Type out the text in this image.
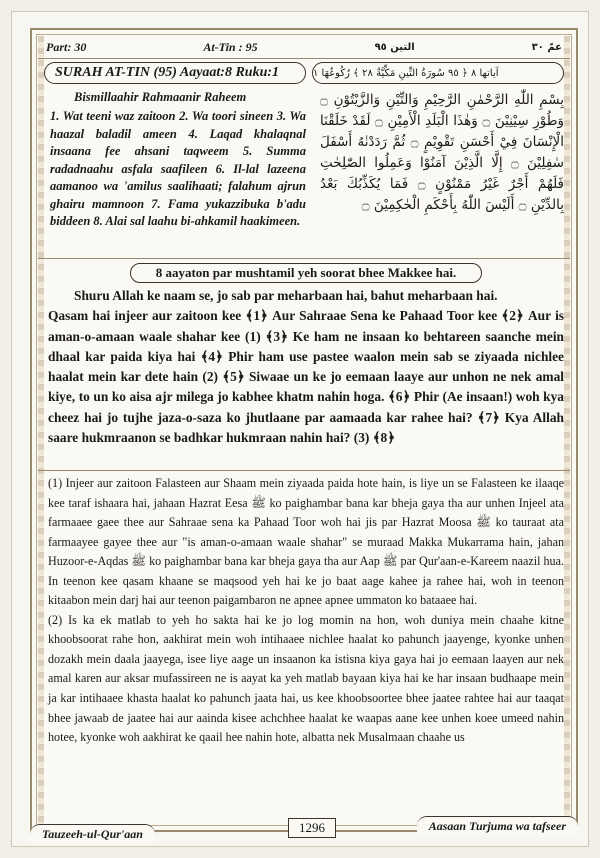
Part: 30	At-Tin : 95	التين ٩٥	عمّ ٣٠
SURAH AT-TIN (95) Aayaat:8 Ruku:1	آياتها ٨ ﴿ ٩٥ سُورَةُ التِّينِ مَكِّيَّةٌ ٢٨ ﴾ رُكُوعُهَا ١
Bismillaahir Rahmaanir Raheem
1. Wat teeni waz zaitoon 2. Wa toori sineen 3. Wa haazal baladil ameen 4. Laqad khalaqnal insaana fee ahsani taqweem 5. Summa radadnaahu asfala saafileen 6. Il-lal lazeena aamanoo wa 'amilus saalihaati; falahum ajrun ghairu mamnoon 7. Fama yukazzibuka b'adu biddeen 8. Alai sal laahu bi-ahkamil haakimeen.
بِسْمِ اللّٰهِ الرَّحْمٰنِ الرَّحِيْمِ وَالتِّيْنِ وَالزَّيْتُوْنِ ۝ وَطُوْرِ سِيْنِيْنَ ۝ وَهٰذَا الْبَلَدِ الْأَمِيْنِ ۝ لَقَدْ خَلَقْنَا الْإِنْسَانَ فِيْ أَحْسَنِ تَقْوِيْمٍ ۝ ثُمَّ رَدَدْنٰهُ أَسْفَلَ سٰفِلِيْنَ ۝ إِلَّا الَّذِيْنَ آمَنُوْا وَعَمِلُوا الصّٰلِحٰتِ فَلَهُمْ أَجْرٌ غَيْرُ مَمْنُوْنٍ ۝ فَمَا يُكَذِّبُكَ بَعْدُ بِالدِّيْنِ ۝ أَلَيْسَ اللّٰهُ بِأَحْكَمِ الْحٰكِمِيْنَ ۝
8 aayaton par mushtamil yeh soorat bhee Makkee hai.

Shuru Allah ke naam se, jo sab par meharbaan hai, bahut meharbaan hai.

Qasam hai injeer aur zaitoon kee ﴾1﴿ Aur Sahraae Sena ke Pahaad Toor kee ﴾2﴿ Aur is aman-o-amaan waale shahar kee (1) ﴾3﴿ Ke ham ne insaan ko behtareen saanche mein dhaal kar paida kiya hai ﴾4﴿ Phir ham use pastee waalon mein sab se ziyaada nichlee haalat mein kar dete hain (2) ﴾5﴿ Siwaae un ke jo eemaan laaye aur unhon ne nek amal kiye, to un ko aisa ajr milega jo kabhee khatm nahin hoga. ﴾6﴿ Phir (Ae insaan!) woh kya cheez hai jo tujhe jaza-o-saza ko jhutlaane par aamaada kar rahee hai? ﴾7﴿ Kya Allah saare hukmraanon se badhkar hukmraan nahin hai? (3) ﴾8﴿

(1) Injeer aur zaitoon Falasteen aur Shaam mein ziyaada paida hote hain, is liye un se Falasteen ke ilaaqe kee taraf ishaara hai, jahaan Hazrat Eesa ﷺ ko paighambar bana kar bheja gaya tha aur unhen Injeel ata farmaaee gaee thee aur Sahraae sena ka Pahaad Toor woh hai jis par Hazrat Moosa ﷺ ko tauraat ata farmaayee gayee thee aur "is aman-o-amaan waale shahar" se muraad Makka Mukarrama hain, jahan Huzoor-e-Aqdas ﷺ ko paighambar bana kar bheja gaya tha aur Aap ﷺ par Qur'aan-e-Kareem naazil hua. In teenon kee qasam khaane se maqsood yeh hai ke jo baat aage kahee ja rahee hai, woh in teenon kitaabon mein darj hai aur teenon paigambaron ne apnee apnee ummaton ko bataaee hai.

(2) Is ka ek matlab to yeh ho sakta hai ke jo log momin na hon, woh duniya mein chaahe kitne khoobsoorat rahe hon, aakhirat mein woh intihaaee nichlee haalat ko pahunch jaayenge, kyonke unhen dozakh mein daala jaayega, isee liye aage un insaanon ka istisna kiya gaya hai jo eemaan laayen aur nek amal karen aur aksar mufassireen ne is aayat ka yeh matlab bayaan kiya hai ke har insaan budhaape mein ja kar intihaaee khasta haalat ko pahunch jaata hai, us kee khoobsoortee bhee jaatee rahtee hai aur taaqat bhee jawaab de jaatee hai aur aainda kisee achchhee haalat ke waapas aane kee unhen koee umeed nahin hotee, kyonke woh aakhirat ke qaail hee nahin hote, albatta nek Musalmaan chaahe us

Tauzeeh-ul-Qur'aan	1296	Aasaan Turjuma wa tafseer
